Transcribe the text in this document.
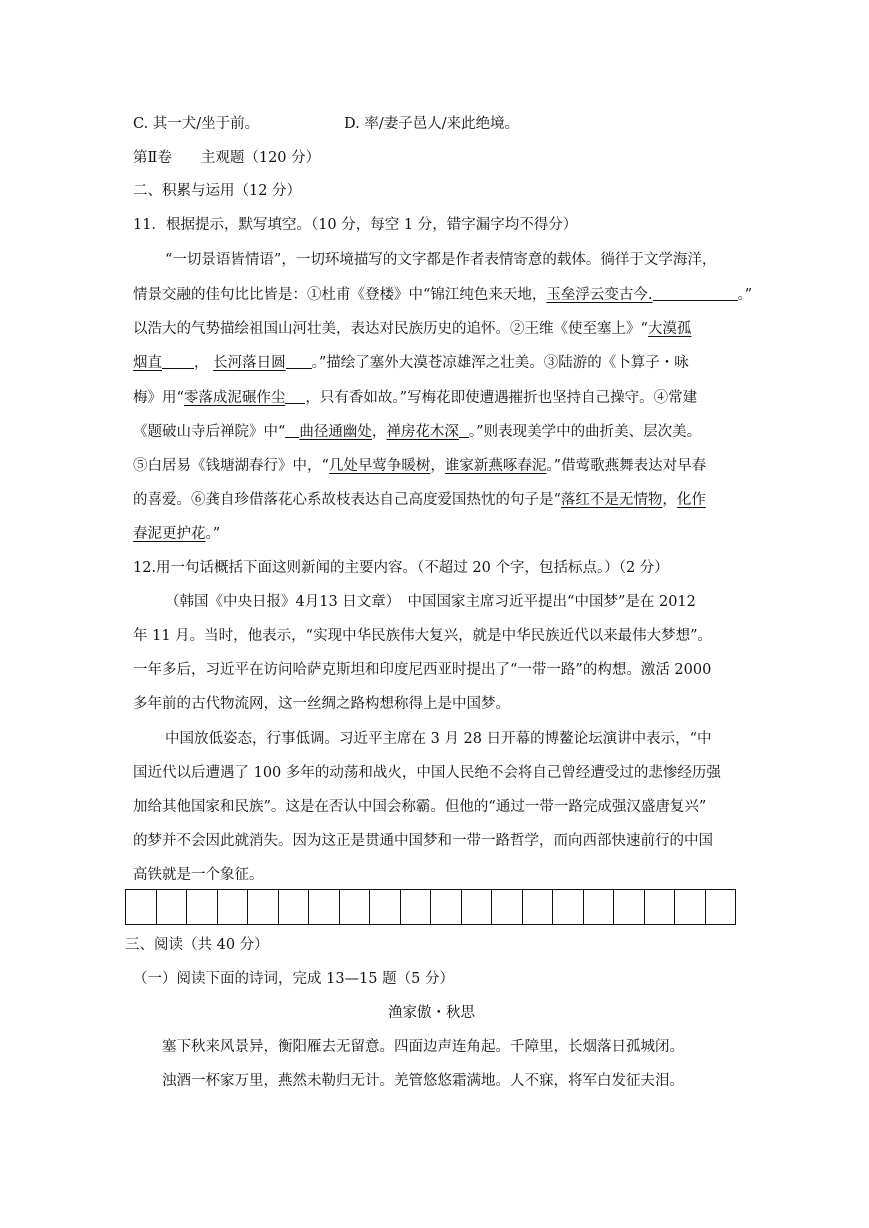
C. 其一犬/坐于前。	D. 率/妻子邑人/来此绝境。
第Ⅱ卷　　主观题（120 分）
二、积累与运用（12 分）
11．根据提示，默写填空。（10 分，每空 1 分，错字漏字均不得分）
“一切景语皆情语”，一切环境描写的文字都是作者表情寄意的载体。徜徉于文学海洋，
情景交融的佳句比比皆是：①杜甫《登楼》中“锦江纯色来天地，玉垒浮云变古今.	。”
以浩大的气势描绘祖国山河壮美，表达对民族历史的追怀。②王维《使至塞上》“大漠孤
烟直 ， 长河落日圆 。”描绘了塞外大漠苍凉雄浑之壮美。③陆游的《卜算子・咏
梅》用“零落成泥碾作尘 ，只有香如故。”写梅花即使遭遇摧折也坚持自己操守。④常建
《题破山寺后禅院》中“ 曲径通幽处，禅房花木深 。”则表现美学中的曲折美、层次美。
⑤白居易《钱塘湖春行》中，“几处早莺争暖树，谁家新燕啄春泥。”借莺歌燕舞表达对早春
的喜爱。⑥龚自珍借落花心系故枝表达自己高度爱国热忱的句子是“落红不是无情物，化作
春泥更护花。”
12.用一句话概括下面这则新闻的主要内容。（不超过 20 个字，包括标点。）（2 分）
（韩国《中央日报》4月13 日文章）　中国国家主席习近平提出“中国梦”是在 2012
年 11 月。当时，他表示，“实现中华民族伟大复兴，就是中华民族近代以来最伟大梦想”。
一年多后，习近平在访问哈萨克斯坦和印度尼西亚时提出了“一带一路”的构想。激活 2000
多年前的古代物流网，这一丝绸之路构想称得上是中国梦。
中国放低姿态，行事低调。习近平主席在 3 月 28 日开幕的博鳌论坛演讲中表示，“中
国近代以后遭遇了 100 多年的动荡和战火，中国人民绝不会将自己曾经遭受过的悲惨经历强
加给其他国家和民族”。这是在否认中国会称霸。但他的“通过一带一路完成强汉盛唐复兴”
的梦并不会因此就消失。因为这正是贯通中国梦和一带一路哲学，而向西部快速前行的中国
高铁就是一个象征。
三、阅读（共 40 分）
（一）阅读下面的诗词，完成 13—15 题（5 分）
渔家傲・秋思
塞下秋来风景异，衡阳雁去无留意。四面边声连角起。千障里，长烟落日孤城闭。
浊酒一杯家万里，燕然未勒归无计。羌管悠悠霜满地。人不寐，将军白发征夫泪。
